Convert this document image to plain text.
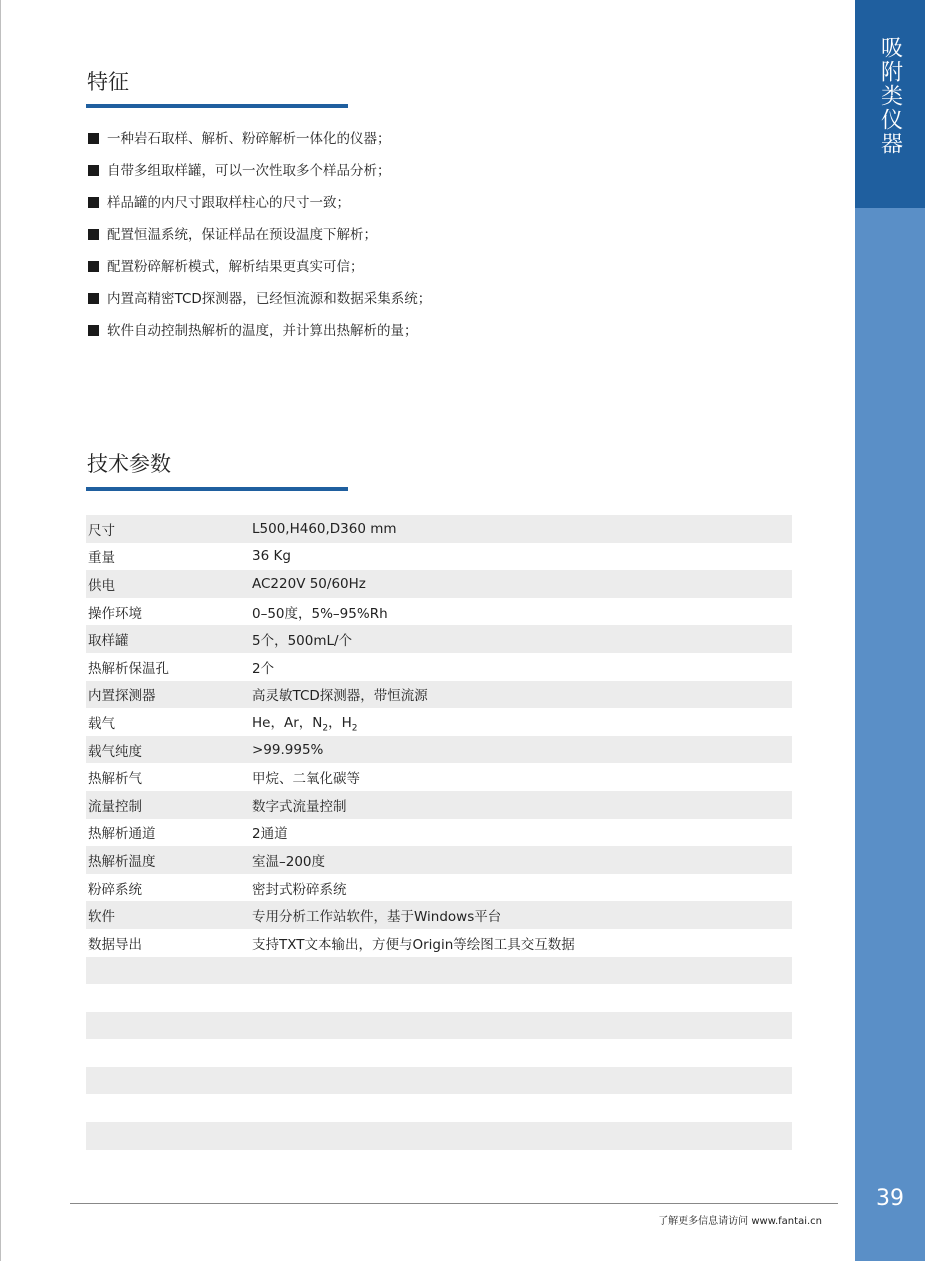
特征
一种岩石取样、解析、粉碎解析一体化的仪器；
自带多组取样罐，可以一次性取多个样品分析；
样品罐的内尺寸跟取样柱心的尺寸一致；
配置恒温系统，保证样品在预设温度下解析；
配置粉碎解析模式，解析结果更真实可信；
内置高精密TCD探测器，已经恒流源和数据采集系统；
软件自动控制热解析的温度，并计算出热解析的量；
技术参数
尺寸	L500,H460,D360 mm
重量	36 Kg
供电	AC220V 50/60Hz
操作环境	0–50度，5%–95%Rh
取样罐	5个，500mL/个
热解析保温孔	2个
内置探测器	高灵敏TCD探测器，带恒流源
载气	He，Ar，$N_2$，$H_2$
载气纯度	>99.995%
热解析气	甲烷、二氧化碳等
流量控制	数字式流量控制
热解析通道	2通道
热解析温度	室温–200度
粉碎系统	密封式粉碎系统
软件	专用分析工作站软件，基于Windows平台
数据导出	支持TXT文本输出，方便与Origin等绘图工具交互数据
吸附类仪器
39
了解更多信息请访问 www.fantai.cn
